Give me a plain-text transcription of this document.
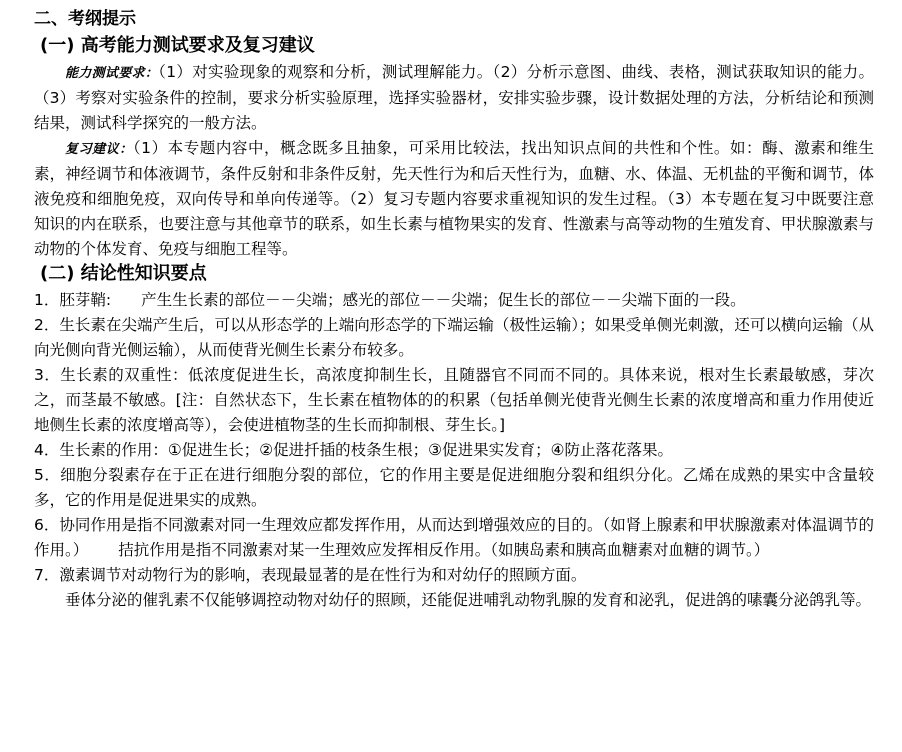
二、考纲提示
(一) 高考能力测试要求及复习建议

能力测试要求：（1）对实验现象的观察和分析，测试理解能力。（2）分析示意图、曲线、表格，测试获取知识的能力。（3）考察对实验条件的控制，要求分析实验原理，选择实验器材，安排实验步骤，设计数据处理的方法，分析结论和预测结果，测试科学探究的一般方法。

复习建议：（1）本专题内容中，概念既多且抽象，可采用比较法，找出知识点间的共性和个性。如：酶、激素和维生素，神经调节和体液调节，条件反射和非条件反射，先天性行为和后天性行为，血糖、水、体温、无机盐的平衡和调节，体液免疫和细胞免疫，双向传导和单向传递等。（2）复习专题内容要求重视知识的发生过程。（3）本专题在复习中既要注意知识的内在联系，也要注意与其他章节的联系，如生长素与植物果实的发育、性激素与高等动物的生殖发育、甲状腺激素与动物的个体发育、免疫与细胞工程等。

(二) 结论性知识要点

1．胚芽鞘: 产生生长素的部位－－尖端；感光的部位－－尖端；促生长的部位－－尖端下面的一段。

2．生长素在尖端产生后，可以从形态学的上端向形态学的下端运输（极性运输）；如果受单侧光刺激，还可以横向运输（从向光侧向背光侧运输），从而使背光侧生长素分布较多。

3．生长素的双重性：低浓度促进生长，高浓度抑制生长，且随器官不同而不同的。具体来说，根对生长素最敏感，芽次之，而茎最不敏感。[注：自然状态下，生长素在植物体的的积累（包括单侧光使背光侧生长素的浓度增高和重力作用使近地侧生长素的浓度增高等），会使进植物茎的生长而抑制根、芽生长。]

4．生长素的作用：①促进生长；②促进扦插的枝条生根；③促进果实发育；④防止落花落果。

5．细胞分裂素存在于正在进行细胞分裂的部位，它的作用主要是促进细胞分裂和组织分化。乙烯在成熟的果实中含量较多，它的作用是促进果实的成熟。

6．协同作用是指不同激素对同一生理效应都发挥作用，从而达到增强效应的目的。（如肾上腺素和甲状腺激素对体温调节的作用。） 拮抗作用是指不同激素对某一生理效应发挥相反作用。（如胰岛素和胰高血糖素对血糖的调节。）

7．激素调节对动物行为的影响，表现最显著的是在性行为和对幼仔的照顾方面。

垂体分泌的催乳素不仅能够调控动物对幼仔的照顾，还能促进哺乳动物乳腺的发育和泌乳，促进鸽的嗉囊分泌鸽乳等。
